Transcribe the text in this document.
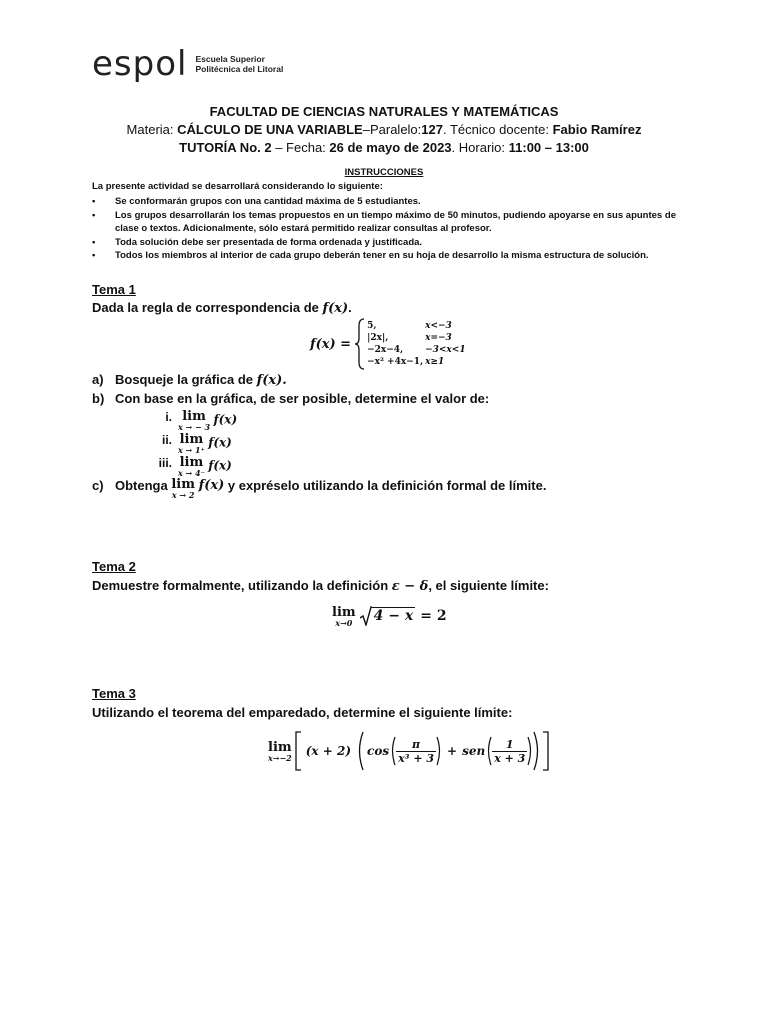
espol Escuela Superior
Politécnica del Litoral
FACULTAD DE CIENCIAS NATURALES Y MATEMÁTICAS
Materia: CÁLCULO DE UNA VARIABLE–Paralelo:127. Técnico docente: Fabio Ramírez
TUTORÍA No. 2 – Fecha: 26 de mayo de 2023. Horario: 11:00 – 13:00
INSTRUCCIONES
La presente actividad se desarrollará considerando lo siguiente:
• Se conformarán grupos con una cantidad máxima de 5 estudiantes.
• Los grupos desarrollarán los temas propuestos en un tiempo máximo de 50 minutos, pudiendo apoyarse en sus apuntes de clase o textos. Adicionalmente, sólo estará permitido realizar consultas al profesor.
• Toda solución debe ser presentada de forma ordenada y justificada.
• Todos los miembros al interior de cada grupo deberán tener en su hoja de desarrollo la misma estructura de solución.
Tema 1
Dada la regla de correspondencia de f(x).
f(x) =
5,	x<−3
|2x|,	x=−3
−2x−4,	−3<x<1
−x² +4x−1, x≥1
a) Bosqueje la gráfica de f(x).
b) Con base en la gráfica, de ser posible, determine el valor de:
i. lim
x → − 3
f(x)
ii. lim
x → 1⁺
f(x)
iii. lim
x → 4⁻
f(x)
c) Obtenga lim
x → 2
f(x) y expréselo utilizando la definición formal de límite.
Tema 2
Demuestre formalmente, utilizando la definición ε − δ, el siguiente límite:
lim
x→0 4 − x = 2
Tema 3
Utilizando el teorema del emparedado, determine el siguiente límite:
lim
x→−2 (x + 2) $\cos \frac{\pi}{\text{x³ + 3}}$ + sen $\frac{1}{x + 3}$
